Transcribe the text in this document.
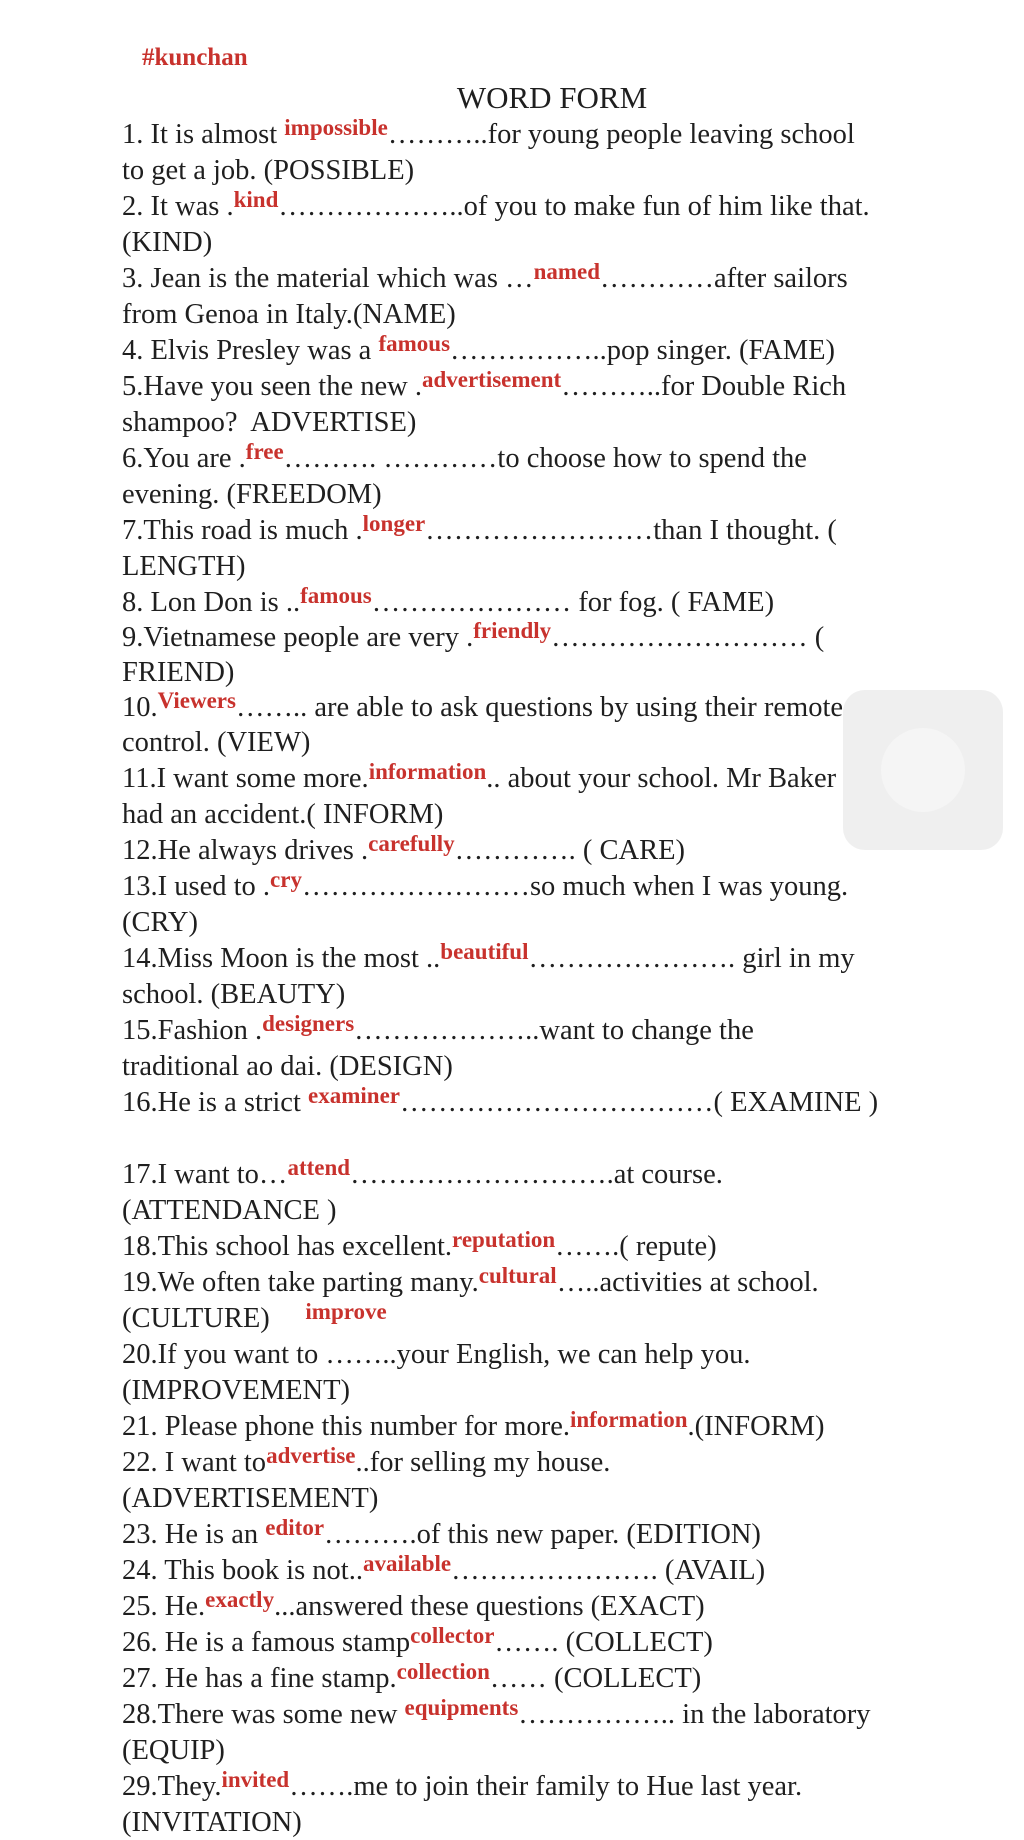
#kunchan
WORD FORM
1. It is almost $^{impossible}$………..for young people leaving school
to get a job. (POSSIBLE)
2. It was .$^{kind}$………………..of you to make fun of him like that.
(KIND)
3. Jean is the material which was …$^{named}$…………after sailors
from Genoa in Italy.(NAME)
4. Elvis Presley was a $^{famous}$……………..pop singer. (FAME)
5.Have you seen the new .$^{advertisement}$………..for Double Rich
shampoo?  ADVERTISE)
6.You are .$^{free}$………. …………to choose how to spend the
evening. (FREEDOM)
7.This road is much .$^{longer}$……………………than I thought. (
LENGTH)
8. Lon Don is ..$^{famous}$………………… for fog. ( FAME)
9.Vietnamese people are very .$^{friendly}$……………………… (
FRIEND)
10.$^{Viewers}$…….. are able to ask questions by using their remote
control. (VIEW)
11.I want some more.$^{information}$.. about your school. Mr Baker
had an accident.( INFORM)
12.He always drives .$^{carefully}$…………. ( CARE)
13.I used to .$^{cry}$……………………so much when I was young.
(CRY)
14.Miss Moon is the most ..$^{beautiful}$…………………. girl in my
school. (BEAUTY)
15.Fashion .$^{designers}$………………..want to change the
traditional ao dai. (DESIGN)
16.He is a strict $^{examiner}$……………………………( EXAMINE )
17.I want to…$^{attend}$……………………….at course.
(ATTENDANCE )
18.This school has excellent.$^{reputation}$…….( repute)
19.We often take parting many.$^{cultural}$…..activities at school.
(CULTURE)     $^{improve}$
20.If you want to ……..your English, we can help you.
(IMPROVEMENT)
21. Please phone this number for more.$^{information}$.(INFORM)
22. I want $to^{advertise}..for$ selling my house.
(ADVERTISEMENT)
23. He is an $^{editor}$……….of this new paper. (EDITION)
24. This book is not..$^{available}$…………………. (AVAIL)
25. He.$^{exactly}$...answered these questions (EXACT)
26. He is a famous stamp$^{collector}$……. (COLLECT)
27. He has a fine stamp.$^{collection}$…… (COLLECT)
28.There was some new $^{equipments}$…………….. in the laboratory
(EQUIP)
29.They.$^{invited}$…….me to join their family to Hue last year.
(INVITATION)
